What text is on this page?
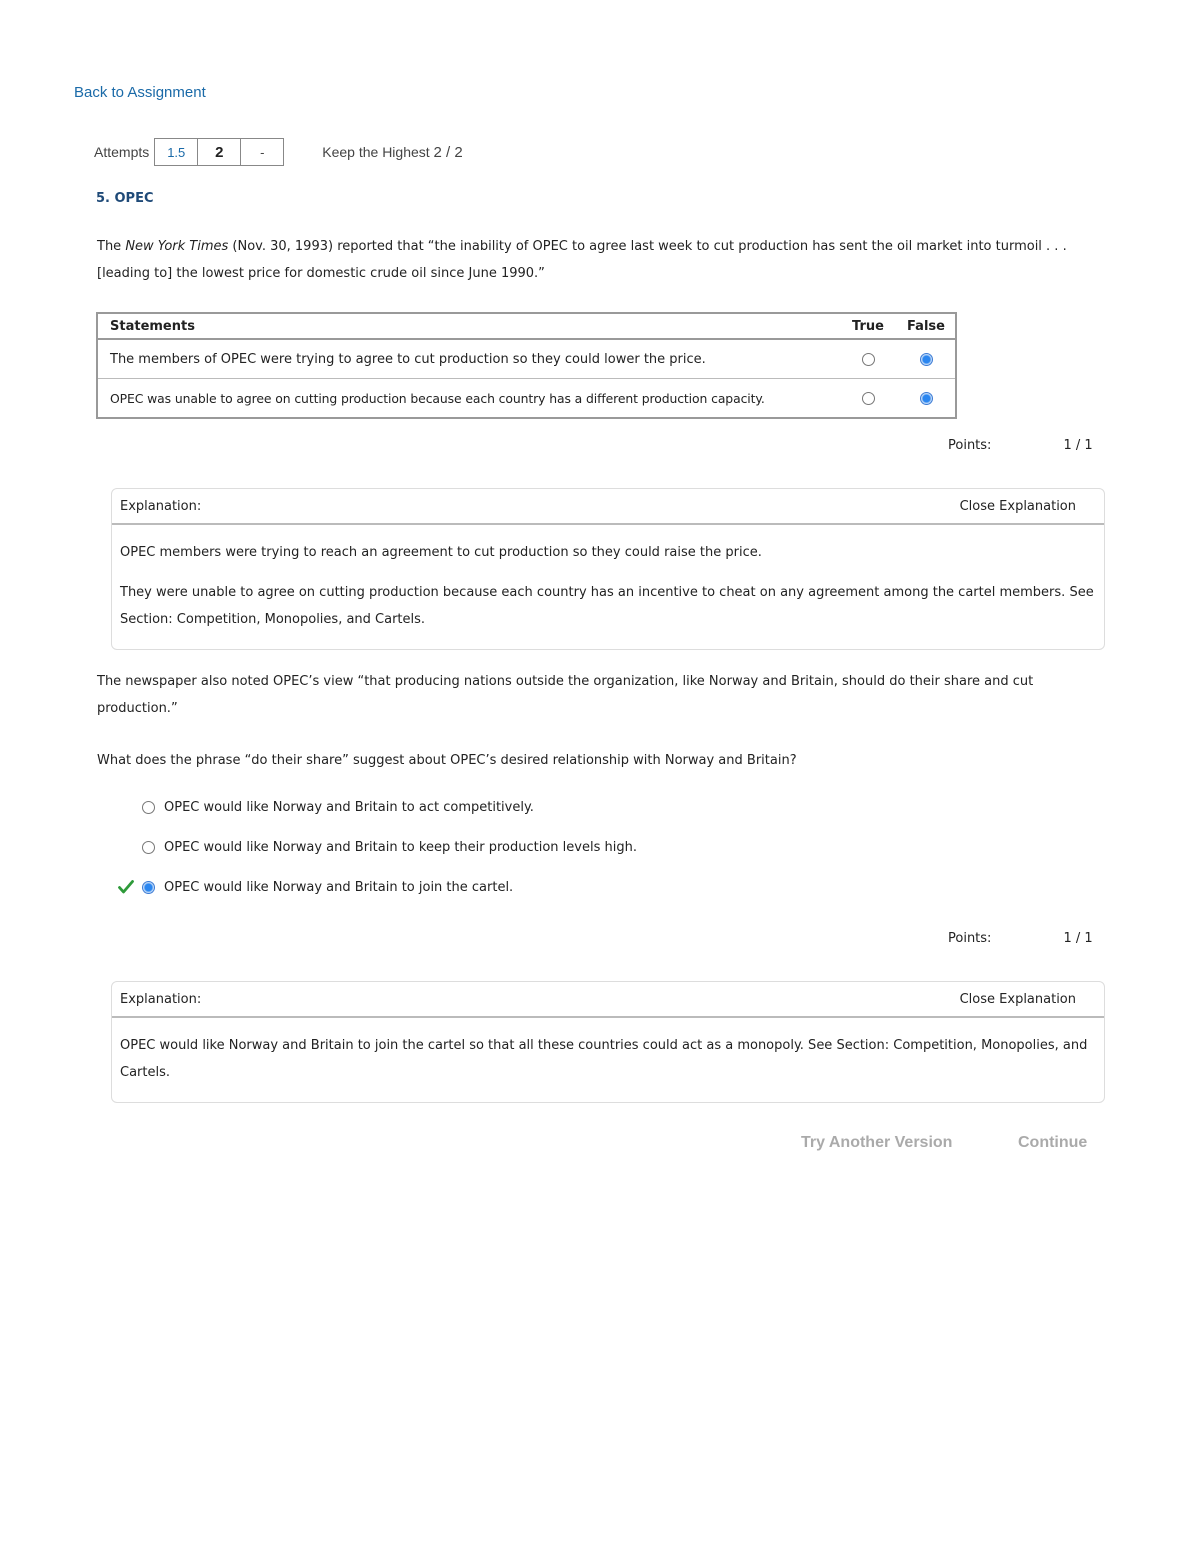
Back to Assignment
Attempts	1.5	2	-	Keep the Highest 2 / 2
5. OPEC
The New York Times (Nov. 30, 1993) reported that “the inability of OPEC to agree last week to cut production has sent the oil market into turmoil . . . [leading to] the lowest price for domestic crude oil since June 1990.”
Statements	True	False
The members of OPEC were trying to agree to cut production so they could lower the price.		
OPEC was unable to agree on cutting production because each country has a different production capacity.		
Points:	1 / 1
Explanation:	Close Explanation

OPEC members were trying to reach an agreement to cut production so they could raise the price.

They were unable to agree on cutting production because each country has an incentive to cheat on any agreement among the cartel members. See Section: Competition, Monopolies, and Cartels.

The newspaper also noted OPEC’s view “that producing nations outside the organization, like Norway and Britain, should do their share and cut production.”
What does the phrase “do their share” suggest about OPEC’s desired relationship with Norway and Britain?
OPEC would like Norway and Britain to act competitively.
OPEC would like Norway and Britain to keep their production levels high.
OPEC would like Norway and Britain to join the cartel.
Points:	1 / 1
Explanation:	Close Explanation

OPEC would like Norway and Britain to join the cartel so that all these countries could act as a monopoly. See Section: Competition, Monopolies, and Cartels.

Try Another Version	Continue
